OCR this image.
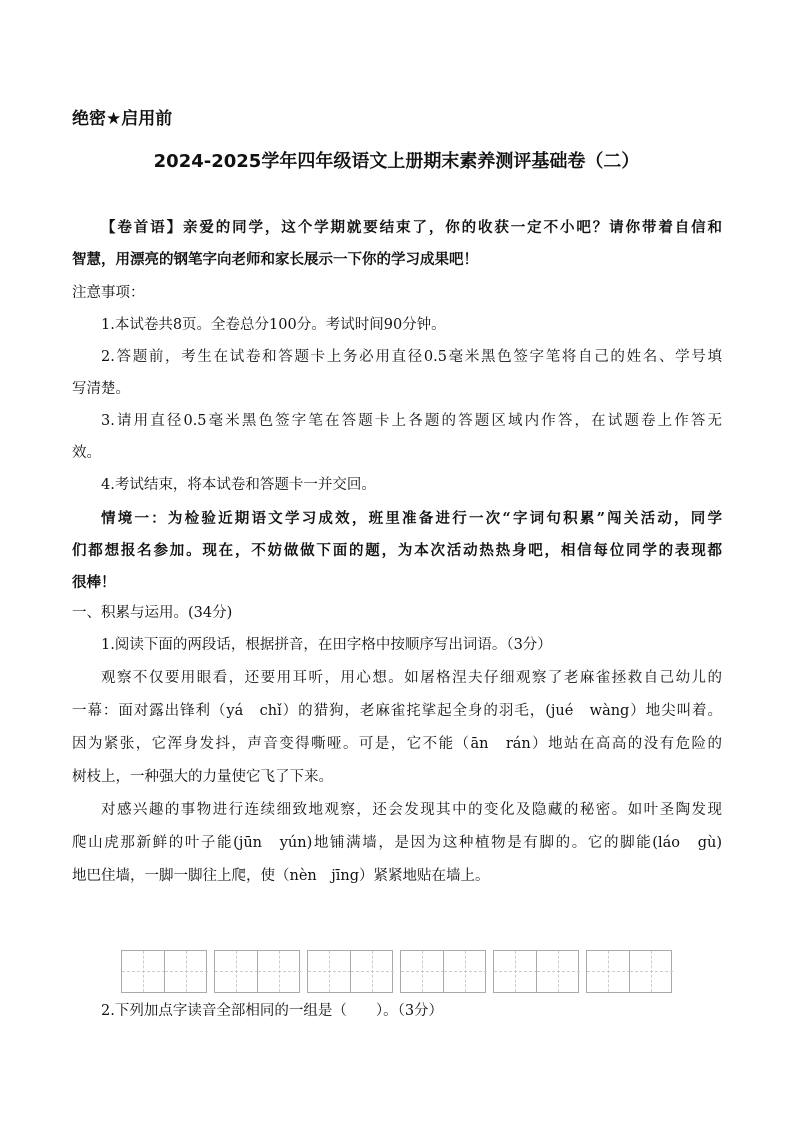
绝密★启用前
2024-2025学年四年级语文上册期末素养测评基础卷（二）
【卷首语】亲爱的同学，这个学期就要结束了，你的收获一定不小吧？请你带着自信和
智慧，用漂亮的钢笔字向老师和家长展示一下你的学习成果吧！
注意事项：
1.本试卷共8页。全卷总分100分。考试时间90分钟。
2.答题前，考生在试卷和答题卡上务必用直径0.5毫米黑色签字笔将自己的姓名、学号填
写清楚。
3.请用直径0.5毫米黑色签字笔在答题卡上各题的答题区域内作答，在试题卷上作答无
效。
4.考试结束，将本试卷和答题卡一并交回。
情境一：为检验近期语文学习成效，班里准备进行一次“字词句积累”闯关活动，同学
们都想报名参加。现在，不妨做做下面的题，为本次活动热热身吧，相信每位同学的表现都
很棒！
一、积累与运用。(34分)
1.阅读下面的两段话，根据拼音，在田字格中按顺序写出词语。（3分）
观察不仅要用眼看，还要用耳听，用心想。如屠格涅夫仔细观察了老麻雀拯救自己幼儿的
一幕：面对露出锋利（yá　chǐ）的猎狗，老麻雀挓挲起全身的羽毛，(jué　wàng）地尖叫着。
因为紧张，它浑身发抖，声音变得嘶哑。可是，它不能（ān　rán）地站在高高的没有危险的
树枝上，一种强大的力量使它飞了下来。
对感兴趣的事物进行连续细致地观察，还会发现其中的变化及隐藏的秘密。如叶圣陶发现
爬山虎那新鲜的叶子能(jūn　yún)地铺满墙，是因为这种植物是有脚的。它的脚能(láo　gù)
地巴住墙，一脚一脚往上爬，使（nèn　jīng）紧紧地贴在墙上。
2.下列加点字读音全部相同的一组是（　　）。（3分）
